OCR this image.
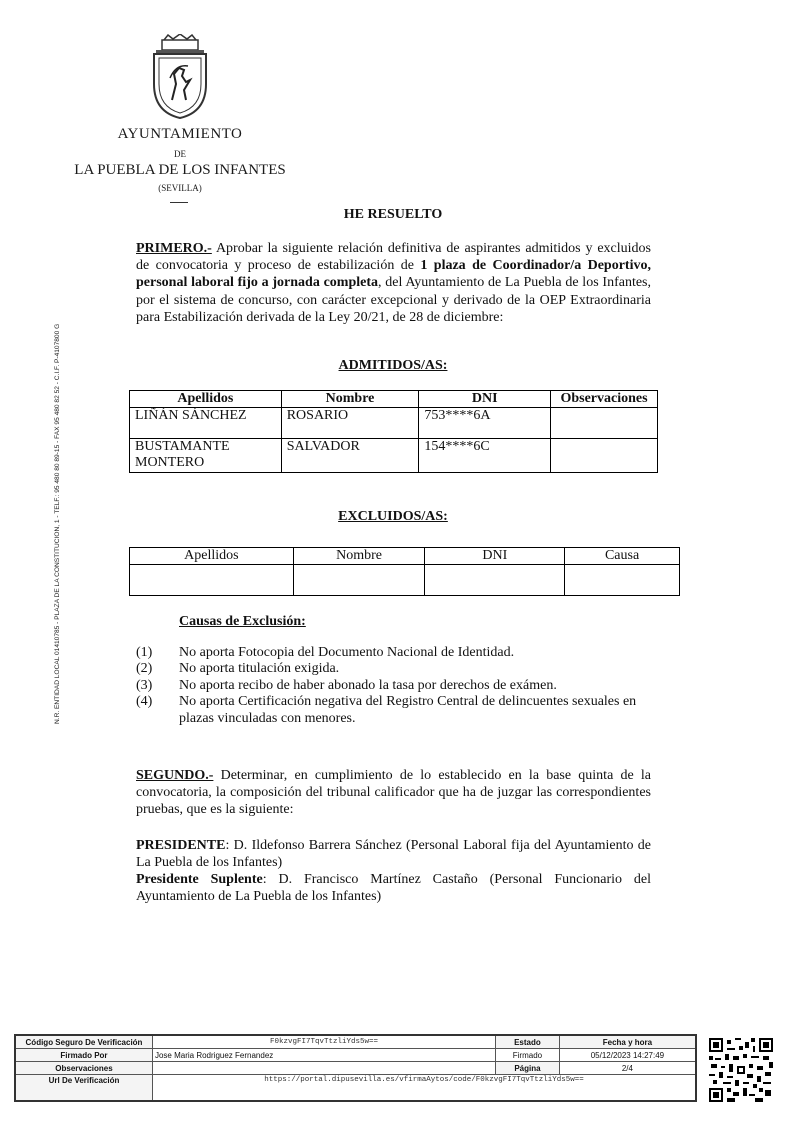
AYUNTAMIENTO
DE
LA PUEBLA DE LOS INFANTES
(SEVILLA)
N.R. ENTIDAD LOCAL 01410785 - PLAZA DE LA CONSTITUCION, 1 - TELF.: 95 480 80 89-15 - FAX 95 480 82 52 - C.I.F. P-4107800 G
HE RESUELTO
PRIMERO.- Aprobar la siguiente relación definitiva de aspirantes admitidos y excluidos de convocatoria y proceso de estabilización de 1 plaza de Coordinador/a Deportivo, personal laboral fijo a jornada completa, del Ayuntamiento de La Puebla de los Infantes, por el sistema de concurso, con carácter excepcional y derivado de la OEP Extraordinaria para Estabilización derivada de la Ley 20/21, de 28 de diciembre:
ADMITIDOS/AS:
Apellidos	Nombre	DNI	Observaciones
LIÑÁN SÁNCHEZ	ROSARIO	753****6A	
BUSTAMANTE MONTERO	SALVADOR	154****6C	
EXCLUIDOS/AS:
Apellidos	Nombre	DNI	Causa

Causas de Exclusión:
(1) No aporta Fotocopia del Documento Nacional de Identidad.
(2) No aporta titulación exigida.
(3) No aporta recibo de haber abonado la tasa por derechos de exámen.
(4) No aporta Certificación negativa del Registro Central de delincuentes sexuales en plazas vinculadas con menores.
SEGUNDO.- Determinar, en cumplimiento de lo establecido en la base quinta de la convocatoria, la composición del tribunal calificador que ha de juzgar las correspondientes pruebas, que es la siguiente:
PRESIDENTE: D. Ildefonso Barrera Sánchez (Personal Laboral fija del Ayuntamiento de La Puebla de los Infantes)
Presidente Suplente: D. Francisco Martínez Castaño (Personal Funcionario del Ayuntamiento de La Puebla de los Infantes)
Código Seguro De Verificación	F0kzvgFI7TqvTtzliYds5w==	Estado	Fecha y hora
Firmado Por	Jose Maria Rodriguez Fernandez	Firmado	05/12/2023 14:27:49
Observaciones		Página	2/4
Url De Verificación	https://portal.dipusevilla.es/vfirmaAytos/code/F0kzvgFI7TqvTtzliYds5w==		
